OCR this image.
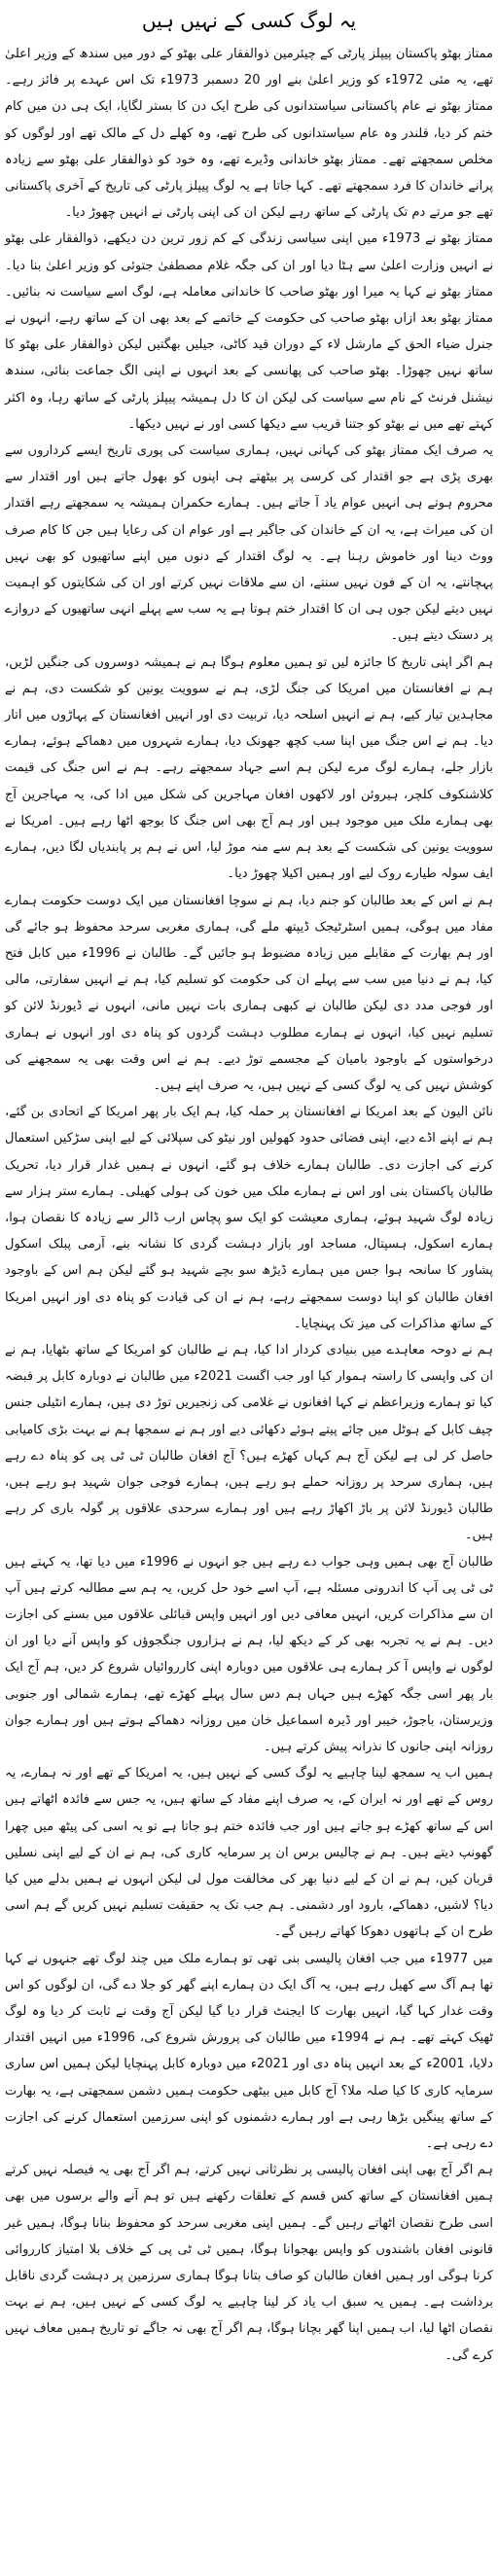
یہ لوگ کسی کے نہیں ہیں

ممتاز بھٹو پاکستان پیپلز پارٹی کے چیئرمین ذوالفقار علی بھٹو کے دور میں سندھ کے وزیر اعلیٰ تھے، یہ مئی 1972ء کو وزیر اعلیٰ بنے اور 20 دسمبر 1973ء تک اس عہدے پر فائز رہے۔ ممتاز بھٹو نے عام پاکستانی سیاستدانوں کی طرح ایک دن کا بستر لگایا، ایک ہی دن میں کام ختم کر دیا، قلندر وہ عام سیاستدانوں کی طرح تھے، وہ کھلے دل کے مالک تھے اور لوگوں کو مخلص سمجھتے تھے۔ ممتاز بھٹو خاندانی وڈیرے تھے، وہ خود کو ذوالفقار علی بھٹو سے زیادہ پرانے خاندان کا فرد سمجھتے تھے۔ کہا جاتا ہے یہ لوگ پیپلز پارٹی کی تاریخ کے آخری پاکستانی تھے جو مرتے دم تک پارٹی کے ساتھ رہے لیکن ان کی اپنی پارٹی نے انہیں چھوڑ دیا۔

ممتاز بھٹو نے 1973ء میں اپنی سیاسی زندگی کے کم زور ترین دن دیکھے، ذوالفقار علی بھٹو نے انہیں وزارت اعلیٰ سے ہٹا دیا اور ان کی جگہ غلام مصطفیٰ جتوئی کو وزیر اعلیٰ بنا دیا۔ ممتاز بھٹو نے کہا یہ میرا اور بھٹو صاحب کا خاندانی معاملہ ہے، لوگ اسے سیاست نہ بنائیں۔ ممتاز بھٹو بعد ازاں بھٹو صاحب کی حکومت کے خاتمے کے بعد بھی ان کے ساتھ رہے، انہوں نے جنرل ضیاء الحق کے مارشل لاء کے دوران قید کاٹی، جیلیں بھگتیں لیکن ذوالفقار علی بھٹو کا ساتھ نہیں چھوڑا۔ بھٹو صاحب کی پھانسی کے بعد انہوں نے اپنی الگ جماعت بنائی، سندھ نیشنل فرنٹ کے نام سے سیاست کی لیکن ان کا دل ہمیشہ پیپلز پارٹی کے ساتھ رہا، وہ اکثر کہتے تھے میں نے بھٹو کو جتنا قریب سے دیکھا کسی اور نے نہیں دیکھا۔

یہ صرف ایک ممتاز بھٹو کی کہانی نہیں، ہماری سیاست کی پوری تاریخ ایسے کرداروں سے بھری پڑی ہے جو اقتدار کی کرسی پر بیٹھتے ہی اپنوں کو بھول جاتے ہیں اور اقتدار سے محروم ہوتے ہی انہیں عوام یاد آ جاتے ہیں۔ ہمارے حکمران ہمیشہ یہ سمجھتے رہے اقتدار ان کی میراث ہے، یہ ان کے خاندان کی جاگیر ہے اور عوام ان کی رعایا ہیں جن کا کام صرف ووٹ دینا اور خاموش رہنا ہے۔ یہ لوگ اقتدار کے دنوں میں اپنے ساتھیوں کو بھی نہیں پہچانتے، یہ ان کے فون نہیں سنتے، ان سے ملاقات نہیں کرتے اور ان کی شکایتوں کو اہمیت نہیں دیتے لیکن جوں ہی ان کا اقتدار ختم ہوتا ہے یہ سب سے پہلے انہی ساتھیوں کے دروازے پر دستک دیتے ہیں۔

ہم اگر اپنی تاریخ کا جائزہ لیں تو ہمیں معلوم ہوگا ہم نے ہمیشہ دوسروں کی جنگیں لڑیں، ہم نے افغانستان میں امریکا کی جنگ لڑی، ہم نے سوویت یونین کو شکست دی، ہم نے مجاہدین تیار کیے، ہم نے انہیں اسلحہ دیا، تربیت دی اور انہیں افغانستان کے پہاڑوں میں اتار دیا۔ ہم نے اس جنگ میں اپنا سب کچھ جھونک دیا، ہمارے شہروں میں دھماکے ہوئے، ہمارے بازار جلے، ہمارے لوگ مرے لیکن ہم اسے جہاد سمجھتے رہے۔ ہم نے اس جنگ کی قیمت کلاشنکوف کلچر، ہیروئن اور لاکھوں افغان مہاجرین کی شکل میں ادا کی، یہ مہاجرین آج بھی ہمارے ملک میں موجود ہیں اور ہم آج بھی اس جنگ کا بوجھ اٹھا رہے ہیں۔ امریکا نے سوویت یونین کی شکست کے بعد ہم سے منہ موڑ لیا، اس نے ہم پر پابندیاں لگا دیں، ہمارے ایف سولہ طیارے روک لیے اور ہمیں اکیلا چھوڑ دیا۔

ہم نے اس کے بعد طالبان کو جنم دیا، ہم نے سوچا افغانستان میں ایک دوست حکومت ہمارے مفاد میں ہوگی، ہمیں اسٹرٹیجک ڈیپتھ ملے گی، ہماری مغربی سرحد محفوظ ہو جائے گی اور ہم بھارت کے مقابلے میں زیادہ مضبوط ہو جائیں گے۔ طالبان نے 1996ء میں کابل فتح کیا، ہم نے دنیا میں سب سے پہلے ان کی حکومت کو تسلیم کیا، ہم نے انہیں سفارتی، مالی اور فوجی مدد دی لیکن طالبان نے کبھی ہماری بات نہیں مانی، انہوں نے ڈیورنڈ لائن کو تسلیم نہیں کیا، انہوں نے ہمارے مطلوب دہشت گردوں کو پناہ دی اور انہوں نے ہماری درخواستوں کے باوجود بامیان کے مجسمے توڑ دیے۔ ہم نے اس وقت بھی یہ سمجھنے کی کوشش نہیں کی یہ لوگ کسی کے نہیں ہیں، یہ صرف اپنے ہیں۔

نائن الیون کے بعد امریکا نے افغانستان پر حملہ کیا، ہم ایک بار پھر امریکا کے اتحادی بن گئے، ہم نے اپنے اڈے دیے، اپنی فضائی حدود کھولیں اور نیٹو کی سپلائی کے لیے اپنی سڑکیں استعمال کرنے کی اجازت دی۔ طالبان ہمارے خلاف ہو گئے، انہوں نے ہمیں غدار قرار دیا، تحریک طالبان پاکستان بنی اور اس نے ہمارے ملک میں خون کی ہولی کھیلی۔ ہمارے ستر ہزار سے زیادہ لوگ شہید ہوئے، ہماری معیشت کو ایک سو پچاس ارب ڈالر سے زیادہ کا نقصان ہوا، ہمارے اسکول، ہسپتال، مساجد اور بازار دہشت گردی کا نشانہ بنے، آرمی پبلک اسکول پشاور کا سانحہ ہوا جس میں ہمارے ڈیڑھ سو بچے شہید ہو گئے لیکن ہم اس کے باوجود افغان طالبان کو اپنا دوست سمجھتے رہے، ہم نے ان کی قیادت کو پناہ دی اور انہیں امریکا کے ساتھ مذاکرات کی میز تک پہنچایا۔

ہم نے دوحہ معاہدے میں بنیادی کردار ادا کیا، ہم نے طالبان کو امریکا کے ساتھ بٹھایا، ہم نے ان کی واپسی کا راستہ ہموار کیا اور جب اگست 2021ء میں طالبان نے دوبارہ کابل پر قبضہ کیا تو ہمارے وزیراعظم نے کہا افغانوں نے غلامی کی زنجیریں توڑ دی ہیں، ہمارے انٹیلی جنس چیف کابل کے ہوٹل میں چائے پیتے ہوئے دکھائی دیے اور ہم نے سمجھا ہم نے بہت بڑی کامیابی حاصل کر لی ہے لیکن آج ہم کہاں کھڑے ہیں؟ آج افغان طالبان ٹی ٹی پی کو پناہ دے رہے ہیں، ہماری سرحد پر روزانہ حملے ہو رہے ہیں، ہمارے فوجی جوان شہید ہو رہے ہیں، طالبان ڈیورنڈ لائن پر باڑ اکھاڑ رہے ہیں اور ہمارے سرحدی علاقوں پر گولہ باری کر رہے ہیں۔

طالبان آج بھی ہمیں وہی جواب دے رہے ہیں جو انہوں نے 1996ء میں دیا تھا، یہ کہتے ہیں ٹی ٹی پی آپ کا اندرونی مسئلہ ہے، آپ اسے خود حل کریں، یہ ہم سے مطالبہ کرتے ہیں آپ ان سے مذاکرات کریں، انہیں معافی دیں اور انہیں واپس قبائلی علاقوں میں بسنے کی اجازت دیں۔ ہم نے یہ تجربہ بھی کر کے دیکھ لیا، ہم نے ہزاروں جنگجوؤں کو واپس آنے دیا اور ان لوگوں نے واپس آ کر ہمارے ہی علاقوں میں دوبارہ اپنی کارروائیاں شروع کر دیں، ہم آج ایک بار پھر اسی جگہ کھڑے ہیں جہاں ہم دس سال پہلے کھڑے تھے، ہمارے شمالی اور جنوبی وزیرستان، باجوڑ، خیبر اور ڈیرہ اسماعیل خان میں روزانہ دھماکے ہوتے ہیں اور ہمارے جوان روزانہ اپنی جانوں کا نذرانہ پیش کرتے ہیں۔

ہمیں اب یہ سمجھ لینا چاہیے یہ لوگ کسی کے نہیں ہیں، یہ امریکا کے تھے اور نہ ہمارے، یہ روس کے تھے اور نہ ایران کے، یہ صرف اپنے مفاد کے ساتھ ہیں، یہ جس سے فائدہ اٹھاتے ہیں اس کے ساتھ کھڑے ہو جاتے ہیں اور جب فائدہ ختم ہو جاتا ہے تو یہ اسی کی پیٹھ میں چھرا گھونپ دیتے ہیں۔ ہم نے چالیس برس ان پر سرمایہ کاری کی، ہم نے ان کے لیے اپنی نسلیں قربان کیں، ہم نے ان کے لیے دنیا بھر کی مخالفت مول لی لیکن انہوں نے ہمیں بدلے میں کیا دیا؟ لاشیں، دھماکے، بارود اور دشمنی۔ ہم جب تک یہ حقیقت تسلیم نہیں کریں گے ہم اسی طرح ان کے ہاتھوں دھوکا کھاتے رہیں گے۔

میں 1977ء میں جب افغان پالیسی بنی تھی تو ہمارے ملک میں چند لوگ تھے جنہوں نے کہا تھا ہم آگ سے کھیل رہے ہیں، یہ آگ ایک دن ہمارے اپنے گھر کو جلا دے گی، ان لوگوں کو اس وقت غدار کہا گیا، انہیں بھارت کا ایجنٹ قرار دیا گیا لیکن آج وقت نے ثابت کر دیا وہ لوگ ٹھیک کہتے تھے۔ ہم نے 1994ء میں طالبان کی پرورش شروع کی، 1996ء میں انہیں اقتدار دلایا، 2001ء کے بعد انہیں پناہ دی اور 2021ء میں دوبارہ کابل پہنچایا لیکن ہمیں اس ساری سرمایہ کاری کا کیا صلہ ملا؟ آج کابل میں بیٹھی حکومت ہمیں دشمن سمجھتی ہے، یہ بھارت کے ساتھ پینگیں بڑھا رہی ہے اور ہمارے دشمنوں کو اپنی سرزمین استعمال کرنے کی اجازت دے رہی ہے۔

ہم اگر آج بھی اپنی افغان پالیسی پر نظرثانی نہیں کرتے، ہم اگر آج بھی یہ فیصلہ نہیں کرتے ہمیں افغانستان کے ساتھ کس قسم کے تعلقات رکھنے ہیں تو ہم آنے والے برسوں میں بھی اسی طرح نقصان اٹھاتے رہیں گے۔ ہمیں اپنی مغربی سرحد کو محفوظ بنانا ہوگا، ہمیں غیر قانونی افغان باشندوں کو واپس بھجوانا ہوگا، ہمیں ٹی ٹی پی کے خلاف بلا امتیاز کارروائی کرنا ہوگی اور ہمیں افغان طالبان کو صاف بتانا ہوگا ہماری سرزمین پر دہشت گردی ناقابل برداشت ہے۔ ہمیں یہ سبق اب یاد کر لینا چاہیے یہ لوگ کسی کے نہیں ہیں، ہم نے بہت نقصان اٹھا لیا، اب ہمیں اپنا گھر بچانا ہوگا، ہم اگر آج بھی نہ جاگے تو تاریخ ہمیں معاف نہیں کرے گی۔
